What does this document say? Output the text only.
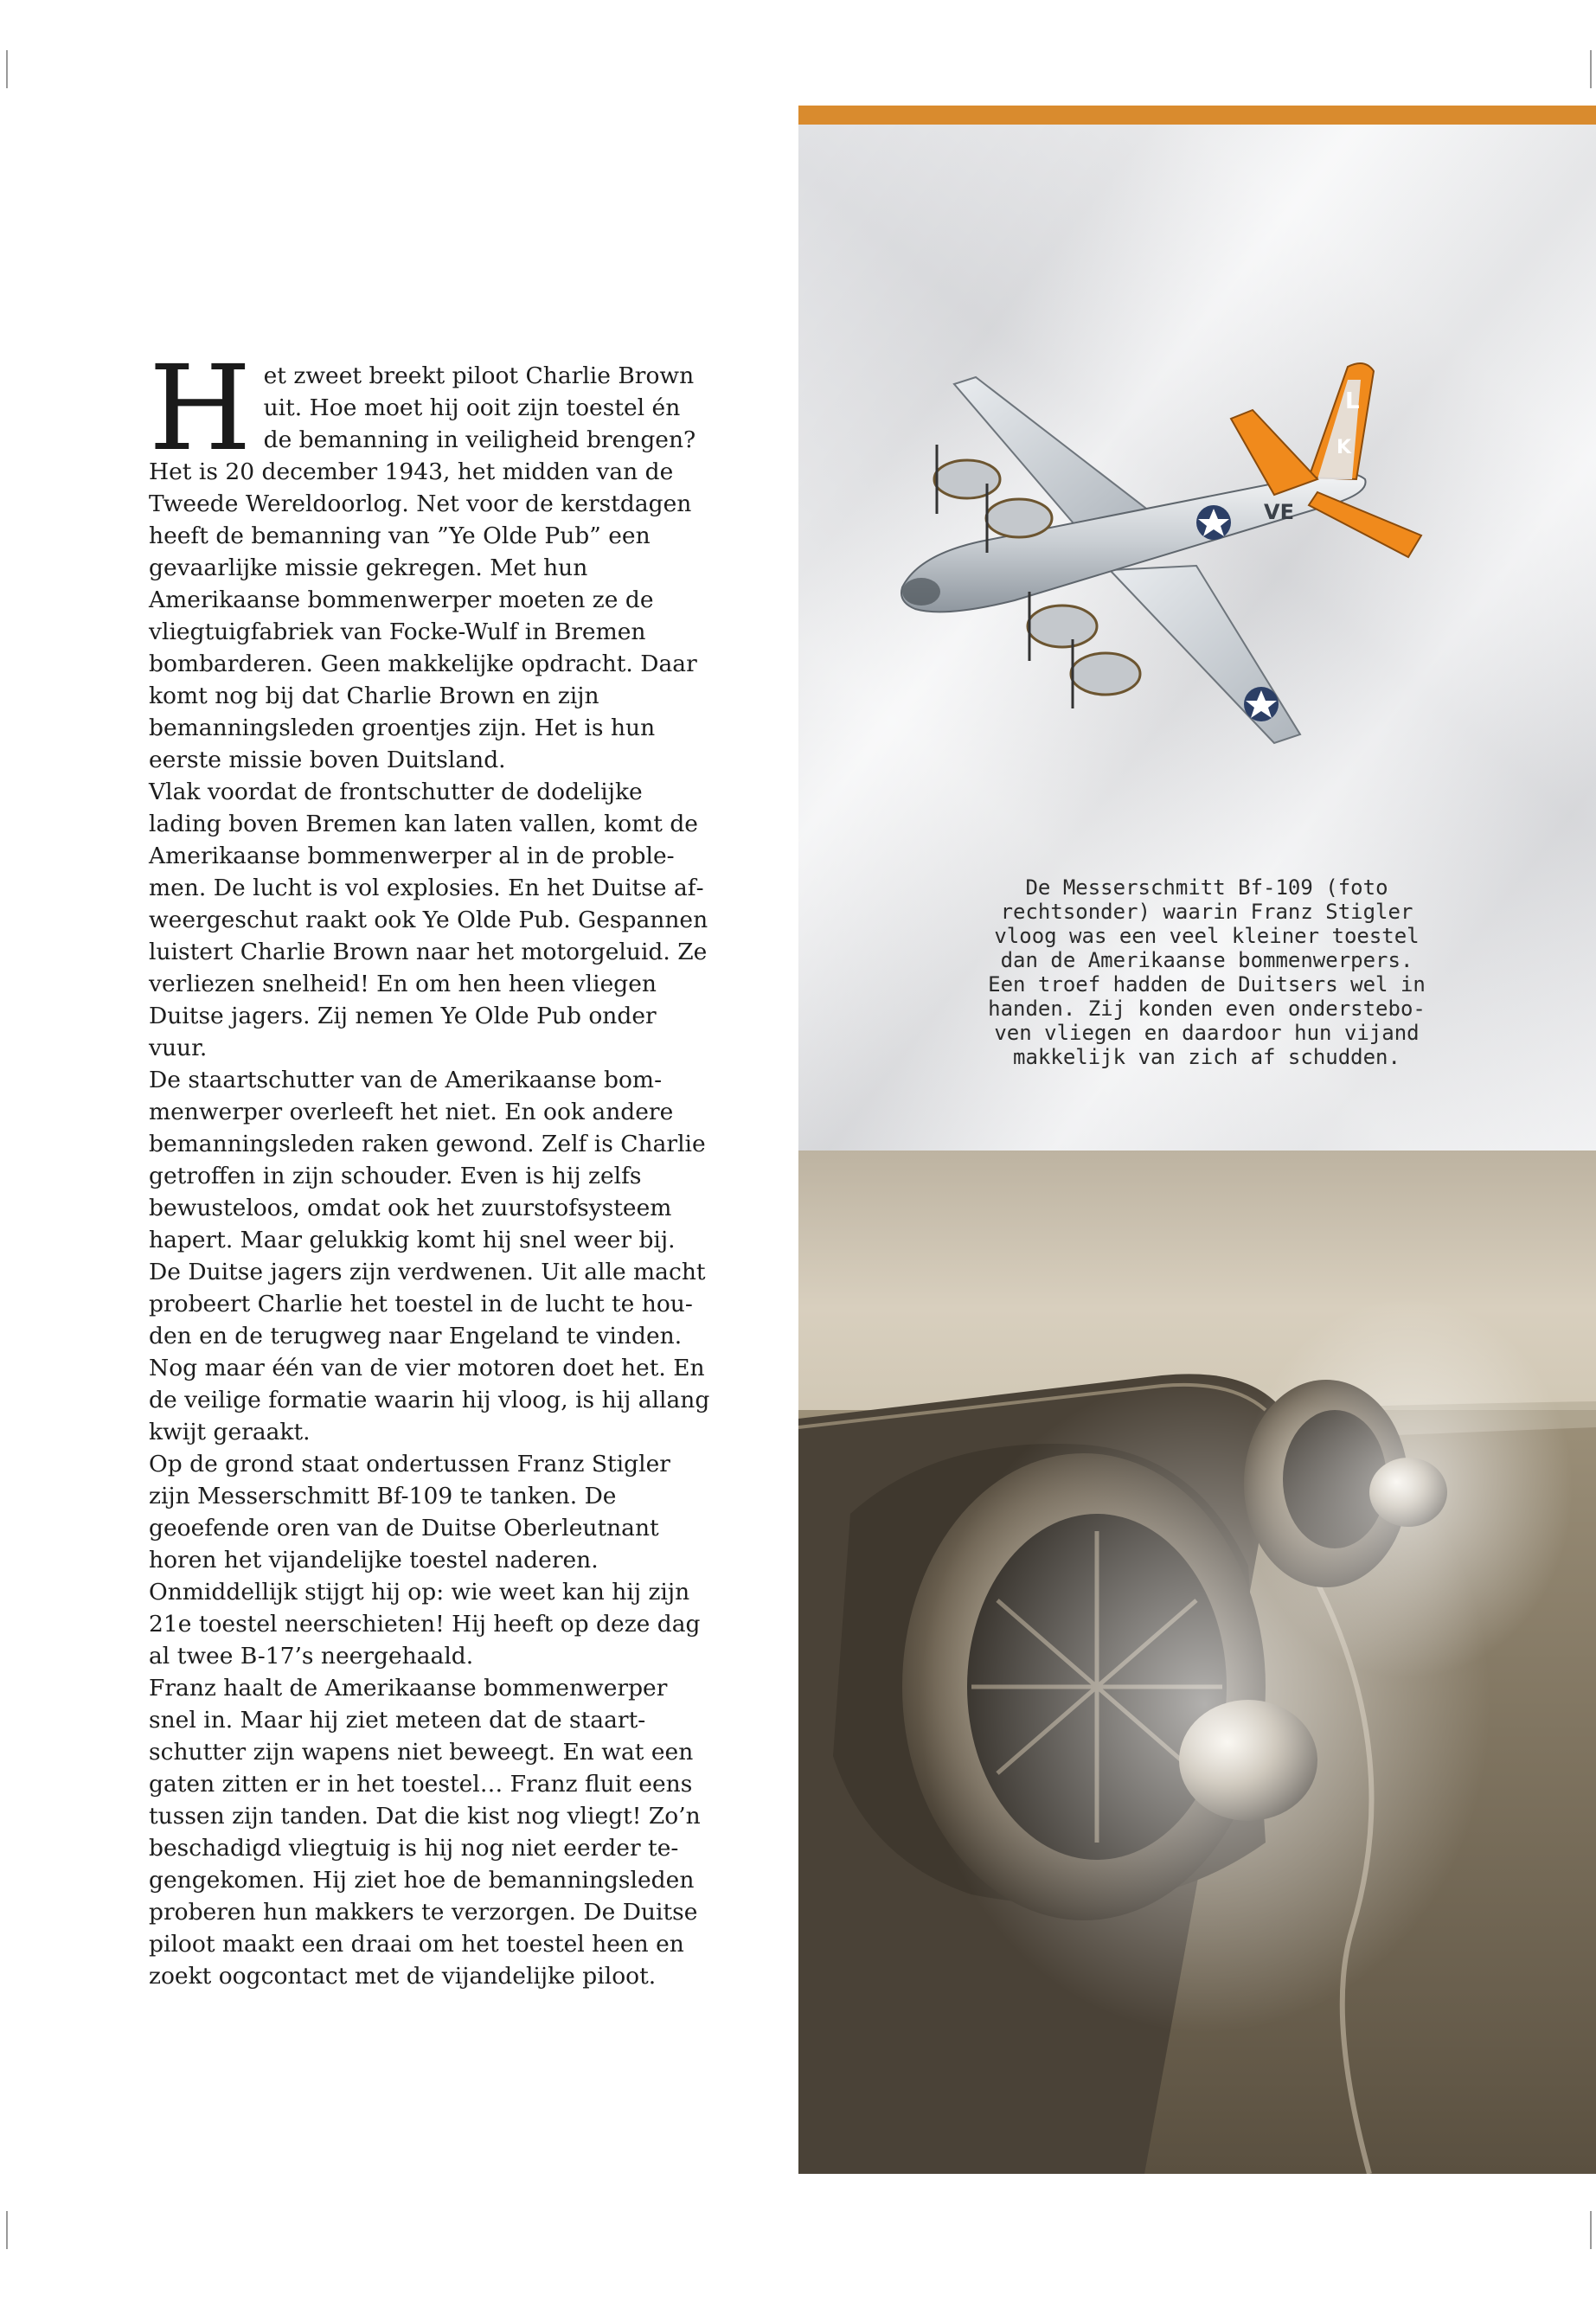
Het zweet breekt piloot Charlie Brown uit. Hoe moet hij ooit zijn toestel én de bemanning in veiligheid brengen? Het is 20 december 1943, het midden van de Tweede Wereldoorlog. Net voor de kerstdagen heeft de bemanning van ”Ye Olde Pub” een gevaarlijke missie gekregen. Met hun Amerikaanse bommenwerper moeten ze de vliegtuigfabriek van Focke-Wulf in Bremen bombarderen. Geen makkelijke opdracht. Daar komt nog bij dat Charlie Brown en zijn bemanningsleden groentjes zijn. Het is hun eerste missie boven Duitsland.

Vlak voordat de frontschutter de dodelijke lading boven Bremen kan laten vallen, komt de Amerikaanse bommenwerper al in de problemen. De lucht is vol explosies. En het Duitse afweergeschut raakt ook Ye Olde Pub. Gespannen luistert Charlie Brown naar het motorgeluid. Ze verliezen snelheid! En om hen heen vliegen Duitse jagers. Zij nemen Ye Olde Pub onder vuur.

De staartschutter van de Amerikaanse bommenwerper overleeft het niet. En ook andere bemanningsleden raken gewond. Zelf is Charlie getroffen in zijn schouder. Even is hij zelfs bewusteloos, omdat ook het zuurstofsysteem hapert. Maar gelukkig komt hij snel weer bij. De Duitse jagers zijn verdwenen. Uit alle macht probeert Charlie het toestel in de lucht te houden en de terugweg naar Engeland te vinden. Nog maar één van de vier motoren doet het. En de veilige formatie waarin hij vloog, is hij allang kwijt geraakt.

Op de grond staat ondertussen Franz Stigler zijn Messerschmitt Bf-109 te tanken. De geoefende oren van de Duitse Oberleutnant horen het vijandelijke toestel naderen. Onmiddellijk stijgt hij op: wie weet kan hij zijn 21e toestel neerschieten! Hij heeft op deze dag al twee B-17’s neergehaald.

Franz haalt de Amerikaanse bommenwerper snel in. Maar hij ziet meteen dat de staartschutter zijn wapens niet beweegt. En wat een gaten zitten er in het toestel… Franz fluit eens tussen zijn tanden. Dat die kist nog vliegt! Zo’n beschadigd vliegtuig is hij nog niet eerder tegengekomen. Hij ziet hoe de bemanningsleden proberen hun makkers te verzorgen. De Duitse piloot maakt een draai om het toestel heen en zoekt oogcontact met de vijandelijke piloot.

L
K
VE

De Messerschmitt Bf-109 (foto

rechtsonder) waarin Franz Stigler

vloog was een veel kleiner toestel

dan de Amerikaanse bommenwerpers.

Een troef hadden de Duitsers wel in

handen. Zij konden even onderstebo-

ven vliegen en daardoor hun vijand

makkelijk van zich af schudden.
